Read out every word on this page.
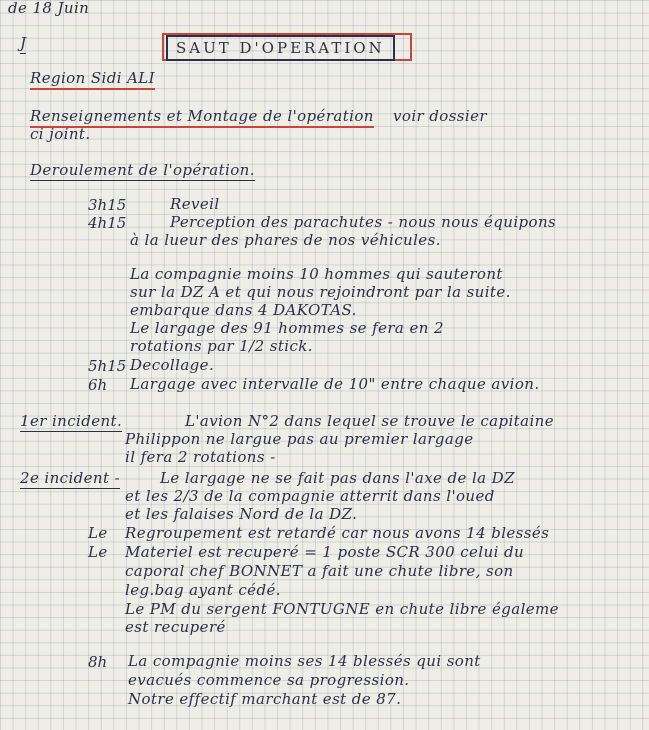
de 18 Juin
J	SAUT D'OPERATION
Region Sidi ALI
Renseignements et Montage de l'opération voir dossier
ci joint.
Deroulement de l'opération.
3h15	Reveil
4h15	Perception des parachutes - nous nous équipons
à la lueur des phares de nos véhicules.
La compagnie moins 10 hommes qui sauteront
sur la DZ A et qui nous rejoindront par la suite.
embarque dans 4 DAKOTAS.
Le largage des 91 hommes se fera en 2
rotations par 1/2 stick.
5h15 Decollage.
6h Largage avec intervalle de 10" entre chaque avion.
1er incident.	L'avion N°2 dans lequel se trouve le capitaine
Philippon ne largue pas au premier largage
il fera 2 rotations -
2e incident -	Le largage ne se fait pas dans l'axe de la DZ
et les 2/3 de la compagnie atterrit dans l'oued
et les falaises Nord de la DZ.
Le Regroupement est retardé car nous avons 14 blessés
Le Materiel est recuperé = 1 poste SCR 300 celui du
caporal chef BONNET a fait une chute libre, son
leg.bag ayant cédé.
Le PM du sergent FONTUGNE en chute libre égaleme
est recuperé
8h La compagnie moins ses 14 blessés qui sont
evacués commence sa progression.
Notre effectif marchant est de 87.
